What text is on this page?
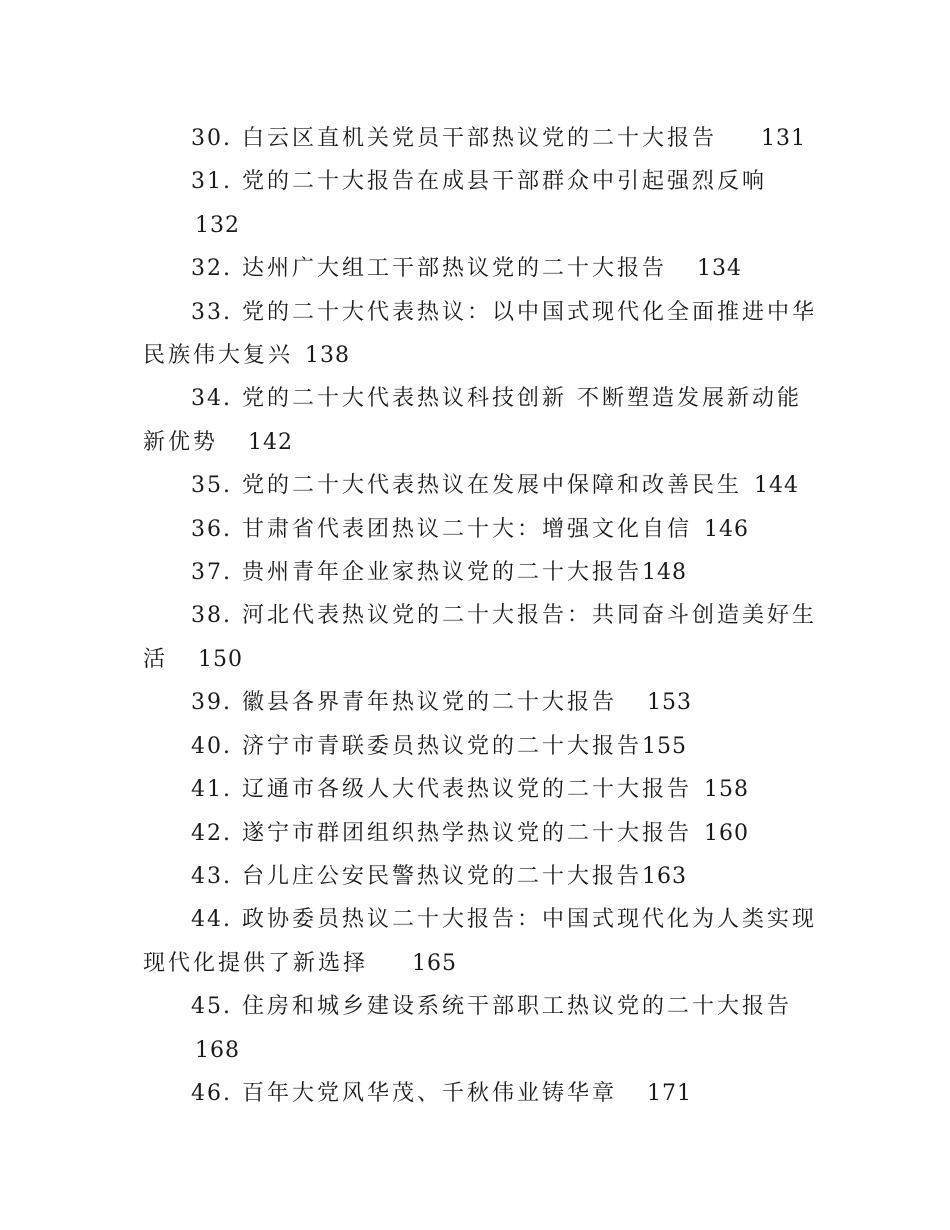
30. 白云区直机关党员干部热议党的二十大报告 131

31. 党的二十大报告在成县干部群众中引起强烈反响
132

32. 达州广大组工干部热议党的二十大报告 134

33. 党的二十大代表热议：以中国式现代化全面推进中华
民族伟大复兴 138

34. 党的二十大代表热议科技创新 不断塑造发展新动能
新优势 142

35. 党的二十大代表热议在发展中保障和改善民生 144

36. 甘肃省代表团热议二十大：增强文化自信 146

37. 贵州青年企业家热议党的二十大报告148

38. 河北代表热议党的二十大报告：共同奋斗创造美好生
活 150

39. 徽县各界青年热议党的二十大报告 153

40. 济宁市青联委员热议党的二十大报告155

41. 辽通市各级人大代表热议党的二十大报告 158

42. 遂宁市群团组织热学热议党的二十大报告 160

43. 台儿庄公安民警热议党的二十大报告163

44. 政协委员热议二十大报告：中国式现代化为人类实现
现代化提供了新选择 165

45. 住房和城乡建设系统干部职工热议党的二十大报告
168

46. 百年大党风华茂、千秋伟业铸华章 171
